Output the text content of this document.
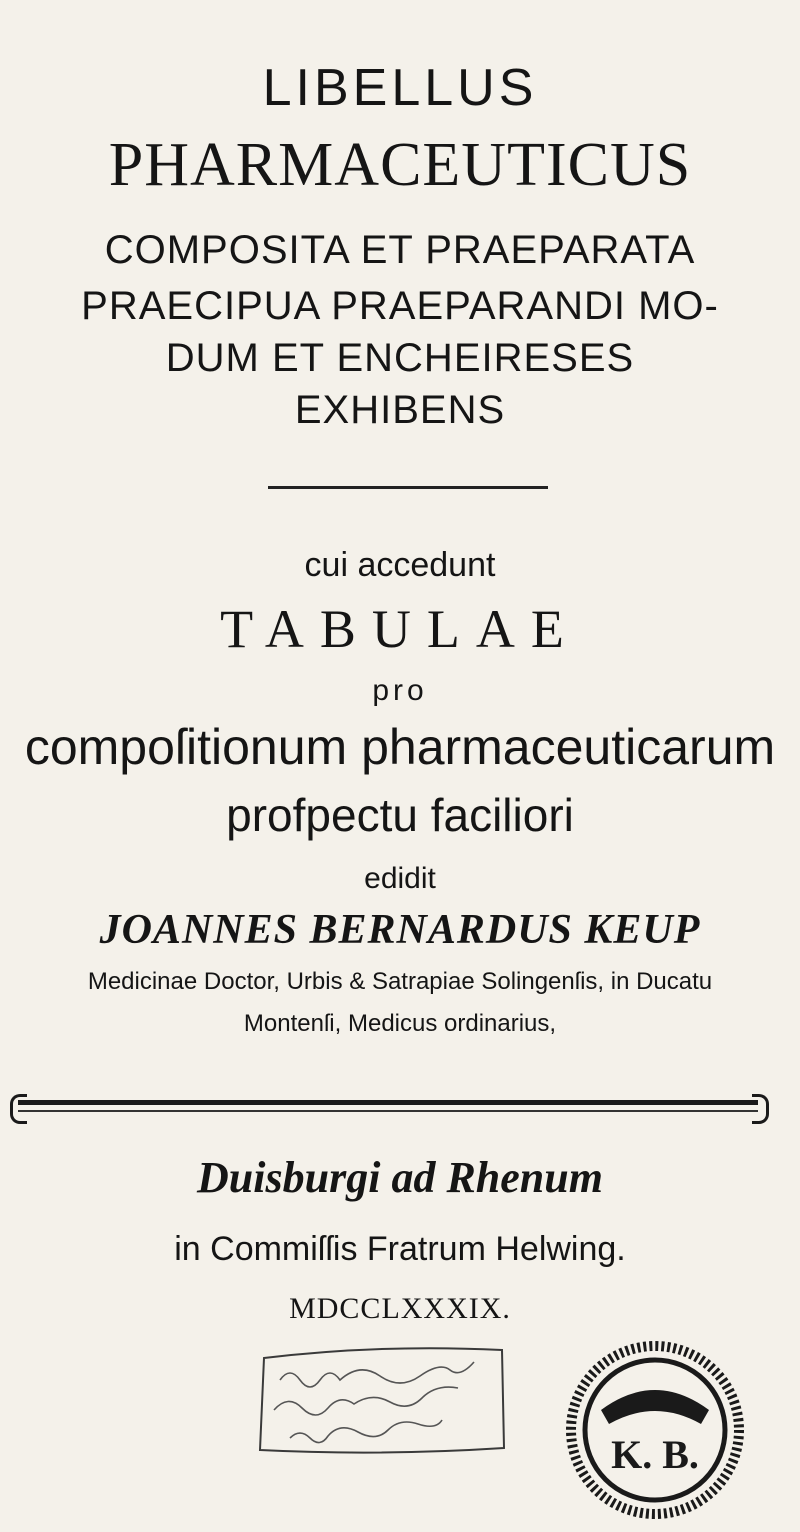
LIBELLUS
PHARMACEUTICUS
COMPOSITA ET PRAEPARATA
PRAECIPUA PRAEPARANDI MO-
DUM ET ENCHEIRESES
EXHIBENS
cui accedunt
TABULAE
pro
compoſitionum pharmaceuticarum
profpeᴄtu faciliori
edidit
JOANNES BERNARDUS KEUP
Medicinae Doctor, Urbis & Satrapiae Solingenſis, in Ducatu
Montenſi, Medicus ordinarius,
Duisburgi ad Rhenum
in Commiſſis Fratrum Helwing.
MDCCLXXXIX.
K. B.
